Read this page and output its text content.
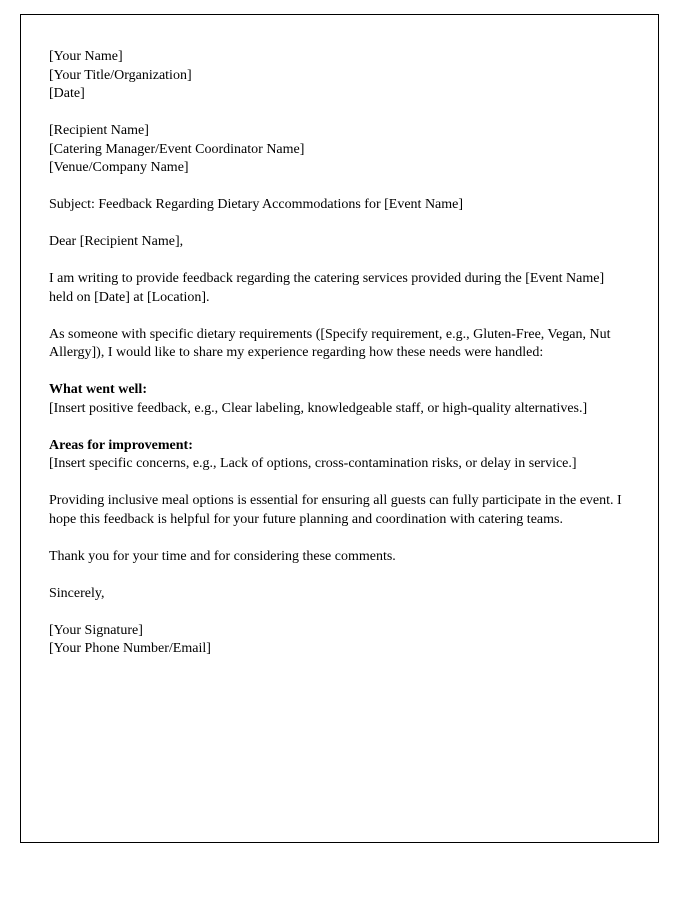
[Your Name]

[Your Title/Organization]

[Date]

[Recipient Name]

[Catering Manager/Event Coordinator Name]

[Venue/Company Name]

Subject: Feedback Regarding Dietary Accommodations for [Event Name]

Dear [Recipient Name],

I am writing to provide feedback regarding the catering services provided during the [Event Name] held on [Date] at [Location].

As someone with specific dietary requirements ([Specify requirement, e.g., Gluten-Free, Vegan, Nut Allergy]), I would like to share my experience regarding how these needs were handled:

What went well:

[Insert positive feedback, e.g., Clear labeling, knowledgeable staff, or high-quality alternatives.]

Areas for improvement:

[Insert specific concerns, e.g., Lack of options, cross-contamination risks, or delay in service.]

Providing inclusive meal options is essential for ensuring all guests can fully participate in the event. I hope this feedback is helpful for your future planning and coordination with catering teams.

Thank you for your time and for considering these comments.

Sincerely,

[Your Signature]

[Your Phone Number/Email]
